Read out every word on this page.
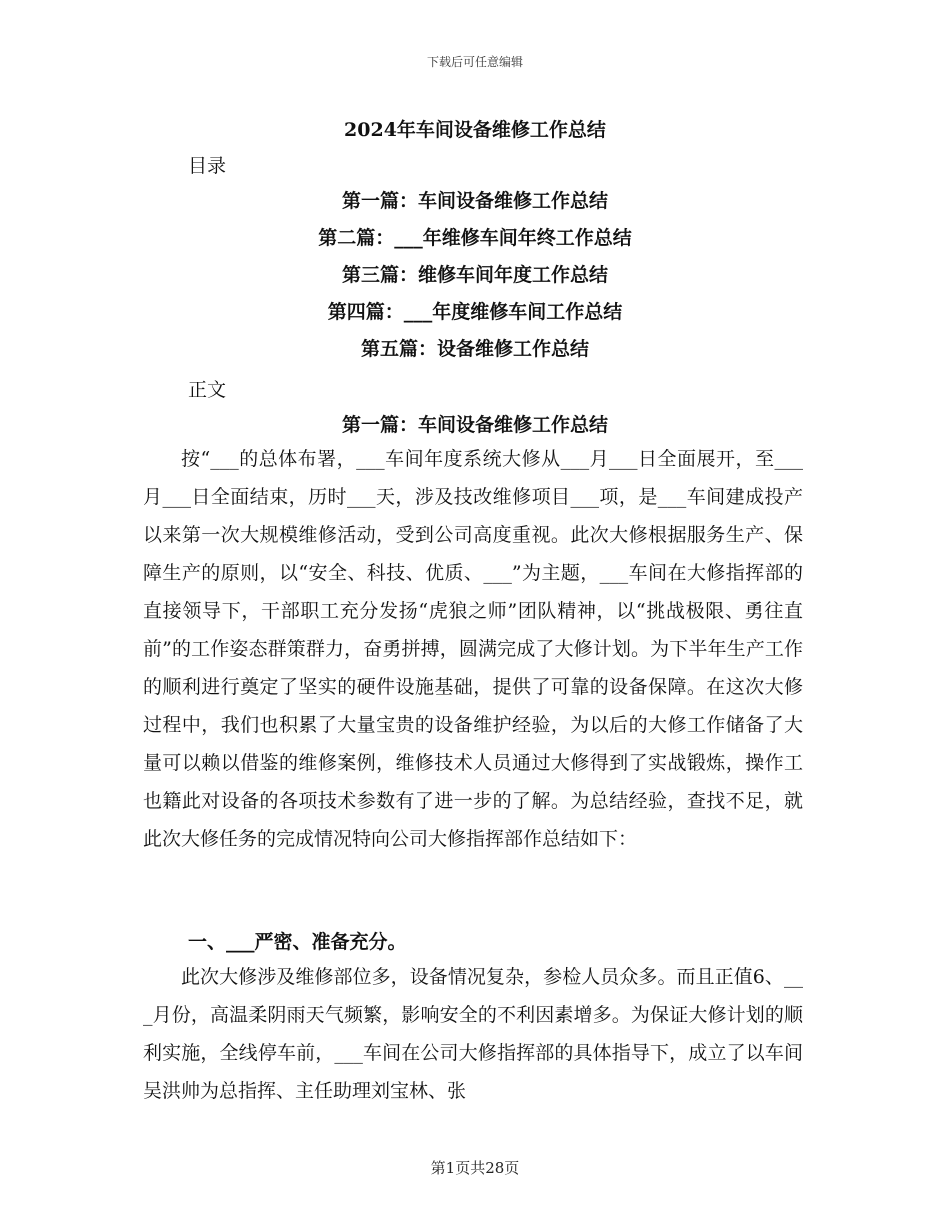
下载后可任意编辑
2024年车间设备维修工作总结
目录
第一篇：车间设备维修工作总结
第二篇：___年维修车间年终工作总结
第三篇：维修车间年度工作总结
第四篇：___年度维修车间工作总结
第五篇：设备维修工作总结
正文
第一篇：车间设备维修工作总结

按“___的总体布署，___车间年度系统大修从___月___日全面展开，至___月___日全面结束，历时___天，涉及技改维修项目___项，是___车间建成投产以来第一次大规模维修活动，受到公司高度重视。此次大修根据服务生产、保障生产的原则，以“安全、科技、优质、___”为主题，___车间在大修指挥部的直接领导下，干部职工充分发扬“虎狼之师”团队精神，以“挑战极限、勇往直前”的工作姿态群策群力，奋勇拼搏，圆满完成了大修计划。为下半年生产工作的顺利进行奠定了坚实的硬件设施基础，提供了可靠的设备保障。在这次大修过程中，我们也积累了大量宝贵的设备维护经验，为以后的大修工作储备了大量可以赖以借鉴的维修案例，维修技术人员通过大修得到了实战锻炼，操作工也籍此对设备的各项技术参数有了进一步的了解。为总结经验，查找不足，就此次大修任务的完成情况特向公司大修指挥部作总结如下：

一、___严密、准备充分。

此次大修涉及维修部位多，设备情况复杂，参检人员众多。而且正值6、___月份，高温柔阴雨天气频繁，影响安全的不利因素增多。为保证大修计划的顺利实施，全线停车前，___车间在公司大修指挥部的具体指导下，成立了以车间吴洪帅为总指挥、主任助理刘宝林、张

第1页共28页
